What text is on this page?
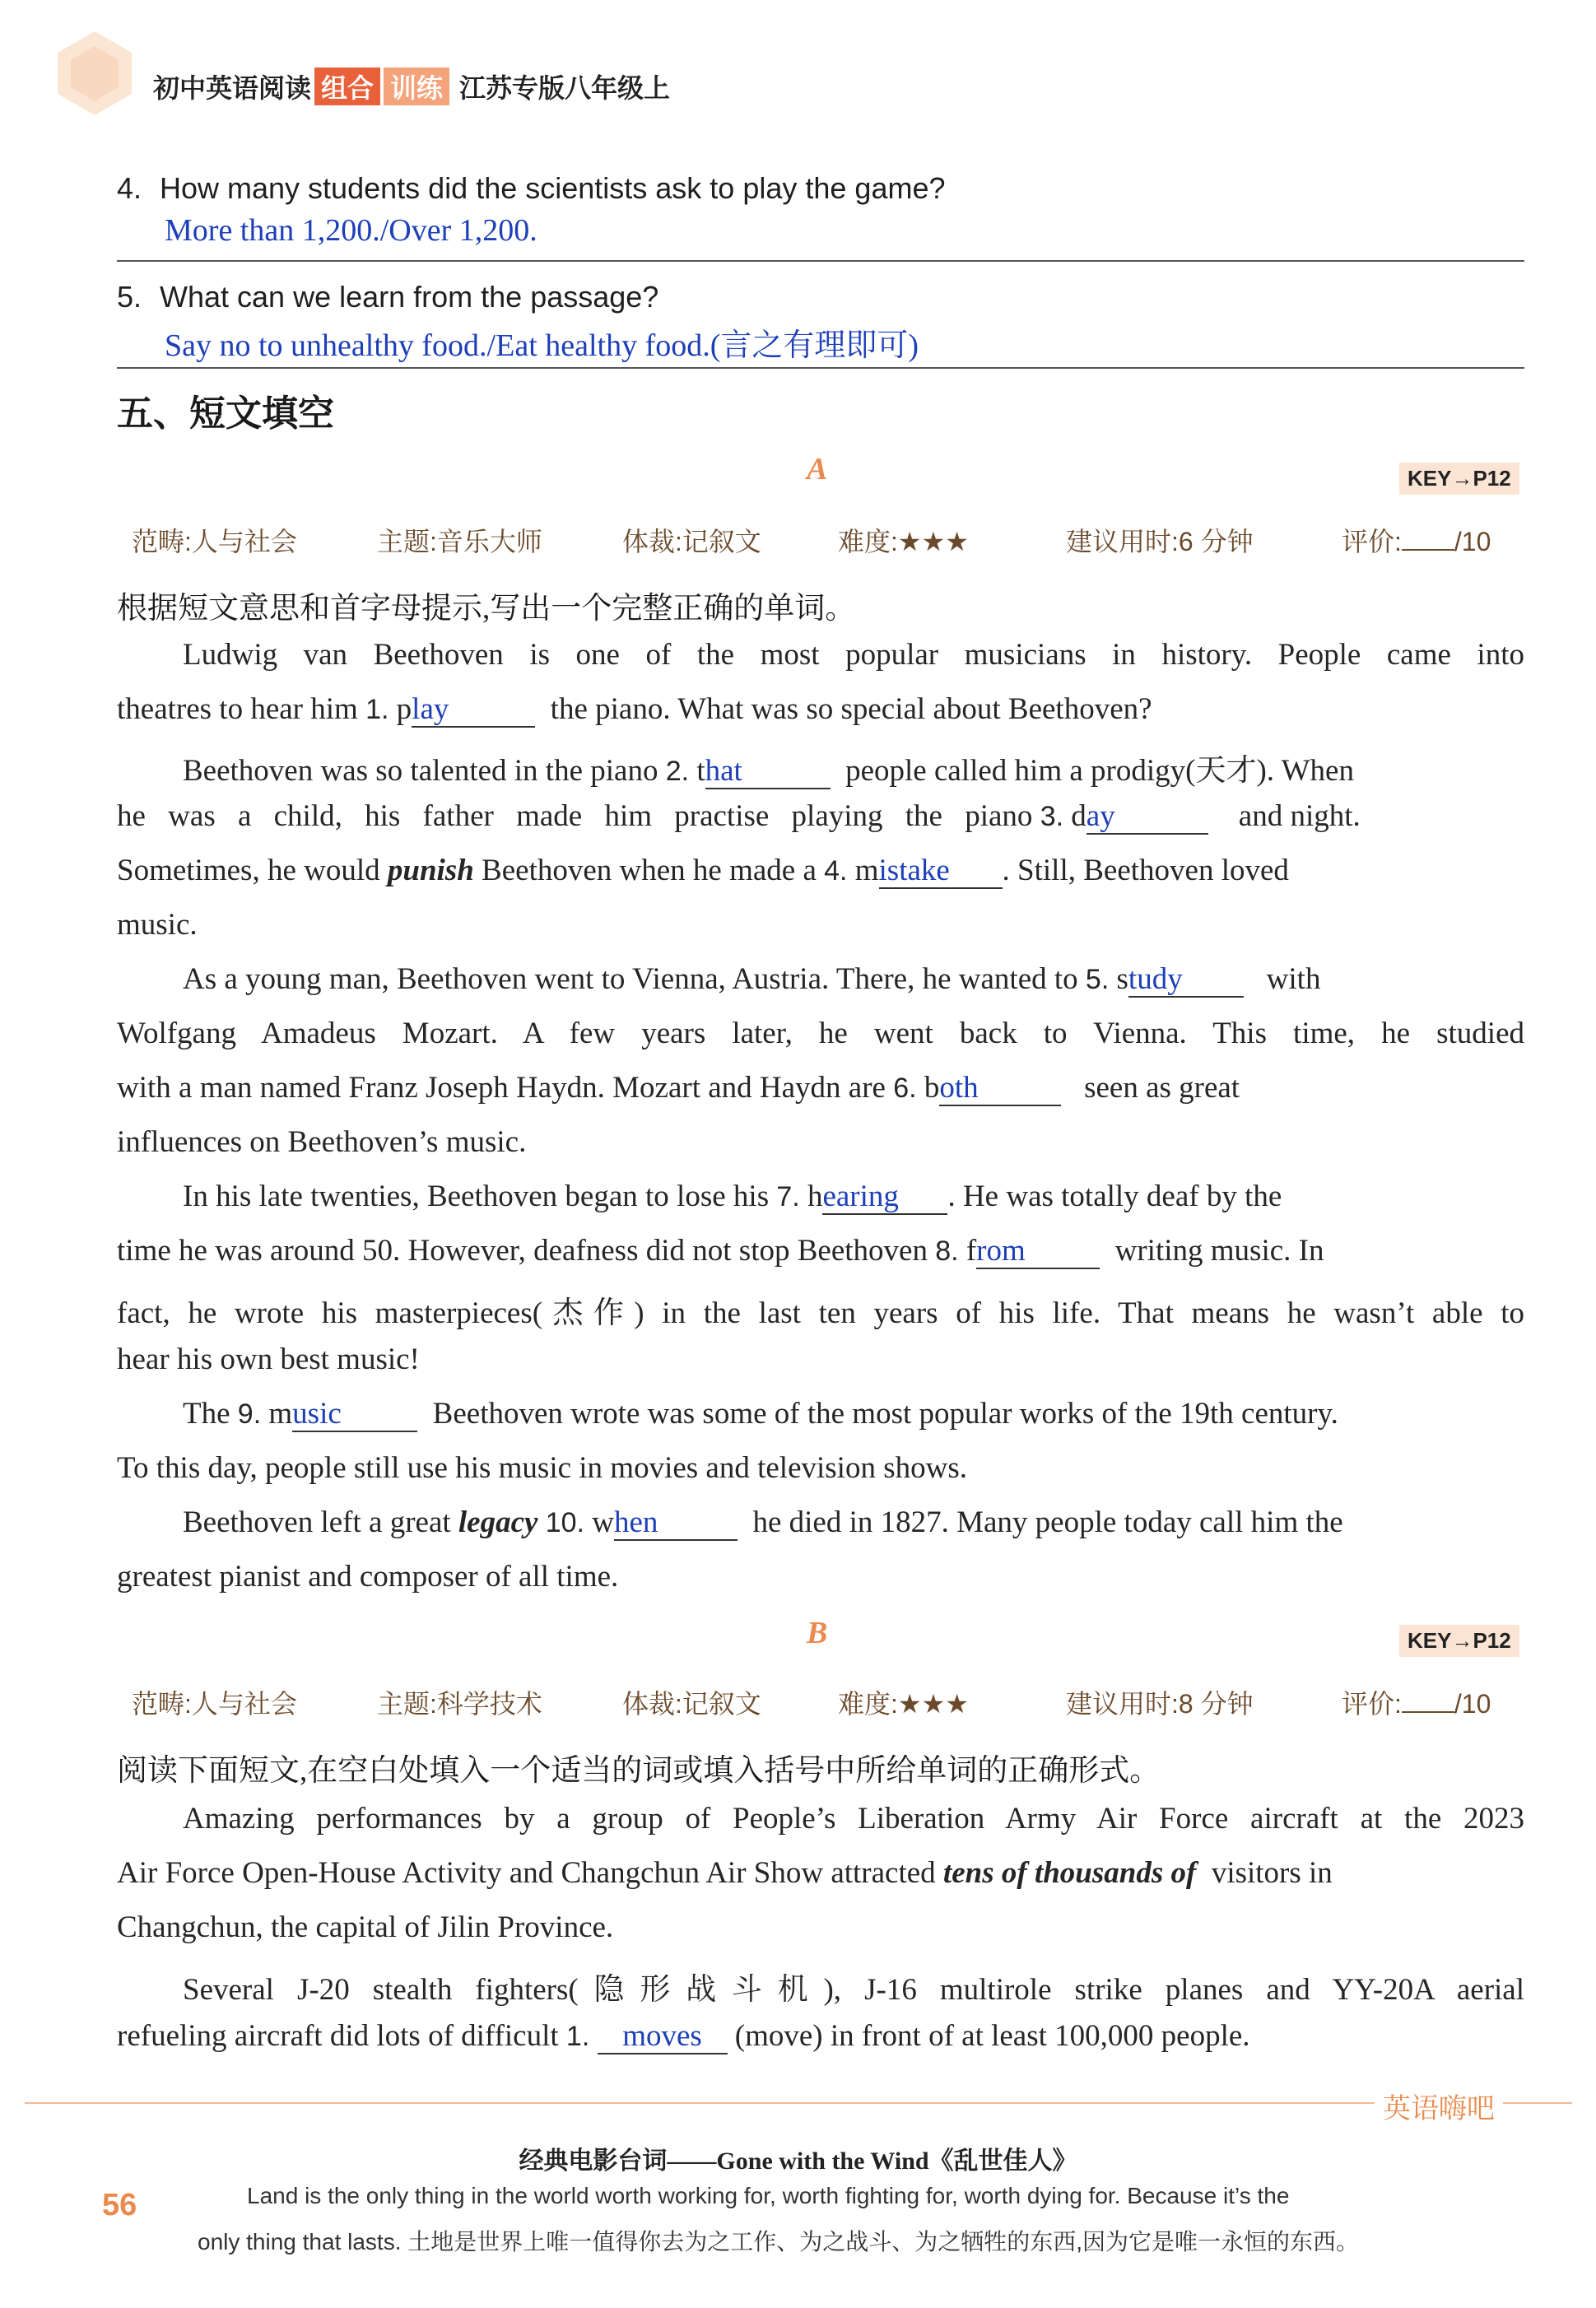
初中英语阅读 组合 训练 江苏专版八年级上
4. How many students did the scientists ask to play the game?
More than 1,200./Over 1,200.
5. What can we learn from the passage?
Say no to unhealthy food./Eat healthy food.(言之有理即可)
五、短文填空
A	KEY→P12
范畴:人与社会	主题:音乐大师	体裁:记叙文	难度:★★★	建议用时:6 分钟	评价: /10
根据短文意思和首字母提示,写出一个完整正确的单词。
Ludwig van Beethoven is one of the most popular musicians in history. People came into
theatres to hear him 1. play	the piano. What was so special about Beethoven?
Beethoven was so talented in the piano 2. that	people called him a prodigy(天才). When
he was a child, his father made him practise playing the piano 3. day	and night.
Sometimes, he would punish Beethoven when he made a 4. mistake . Still, Beethoven loved
music.
As a young man, Beethoven went to Vienna, Austria. There, he wanted to 5. study	with
Wolfgang Amadeus Mozart. A few years later, he went back to Vienna. This time, he studied
with a man named Franz Joseph Haydn. Mozart and Haydn are 6. both	seen as great
influences on Beethoven’s music.
In his late twenties, Beethoven began to lose his 7. hearing . He was totally deaf by the
time he was around 50. However, deafness did not stop Beethoven 8. from	writing music. In
fact, he wrote his masterpieces(杰作) in the last ten years of his life. That means he wasn’t able to
hear his own best music!
The 9. music	Beethoven wrote was some of the most popular works of the 19th century.
To this day, people still use his music in movies and television shows.
Beethoven left a great legacy 10. when	he died in 1827. Many people today call him the
greatest pianist and composer of all time.
B	KEY→P12
范畴:人与社会	主题:科学技术	体裁:记叙文	难度:★★★	建议用时:8 分钟	评价: /10
阅读下面短文,在空白处填入一个适当的词或填入括号中所给单词的正确形式。
Amazing performances by a group of People’s Liberation Army Air Force aircraft at the 2023
Air Force Open-House Activity and Changchun Air Show attracted tens of thousands of visitors in
Changchun, the capital of Jilin Province.
Several J-20 stealth fighters(隐形战斗机), J-16 multirole strike planes and YY-20A aerial
refueling aircraft did lots of difficult 1. moves (move) in front of at least 100,000 people.
英语嗨吧
经典电影台词——Gone with the Wind《乱世佳人》
56	Land is the only thing in the world worth working for, worth fighting for, worth dying for. Because it’s the
only thing that lasts. 土地是世界上唯一值得你去为之工作、为之战斗、为之牺牲的东西,因为它是唯一永恒的东西。
